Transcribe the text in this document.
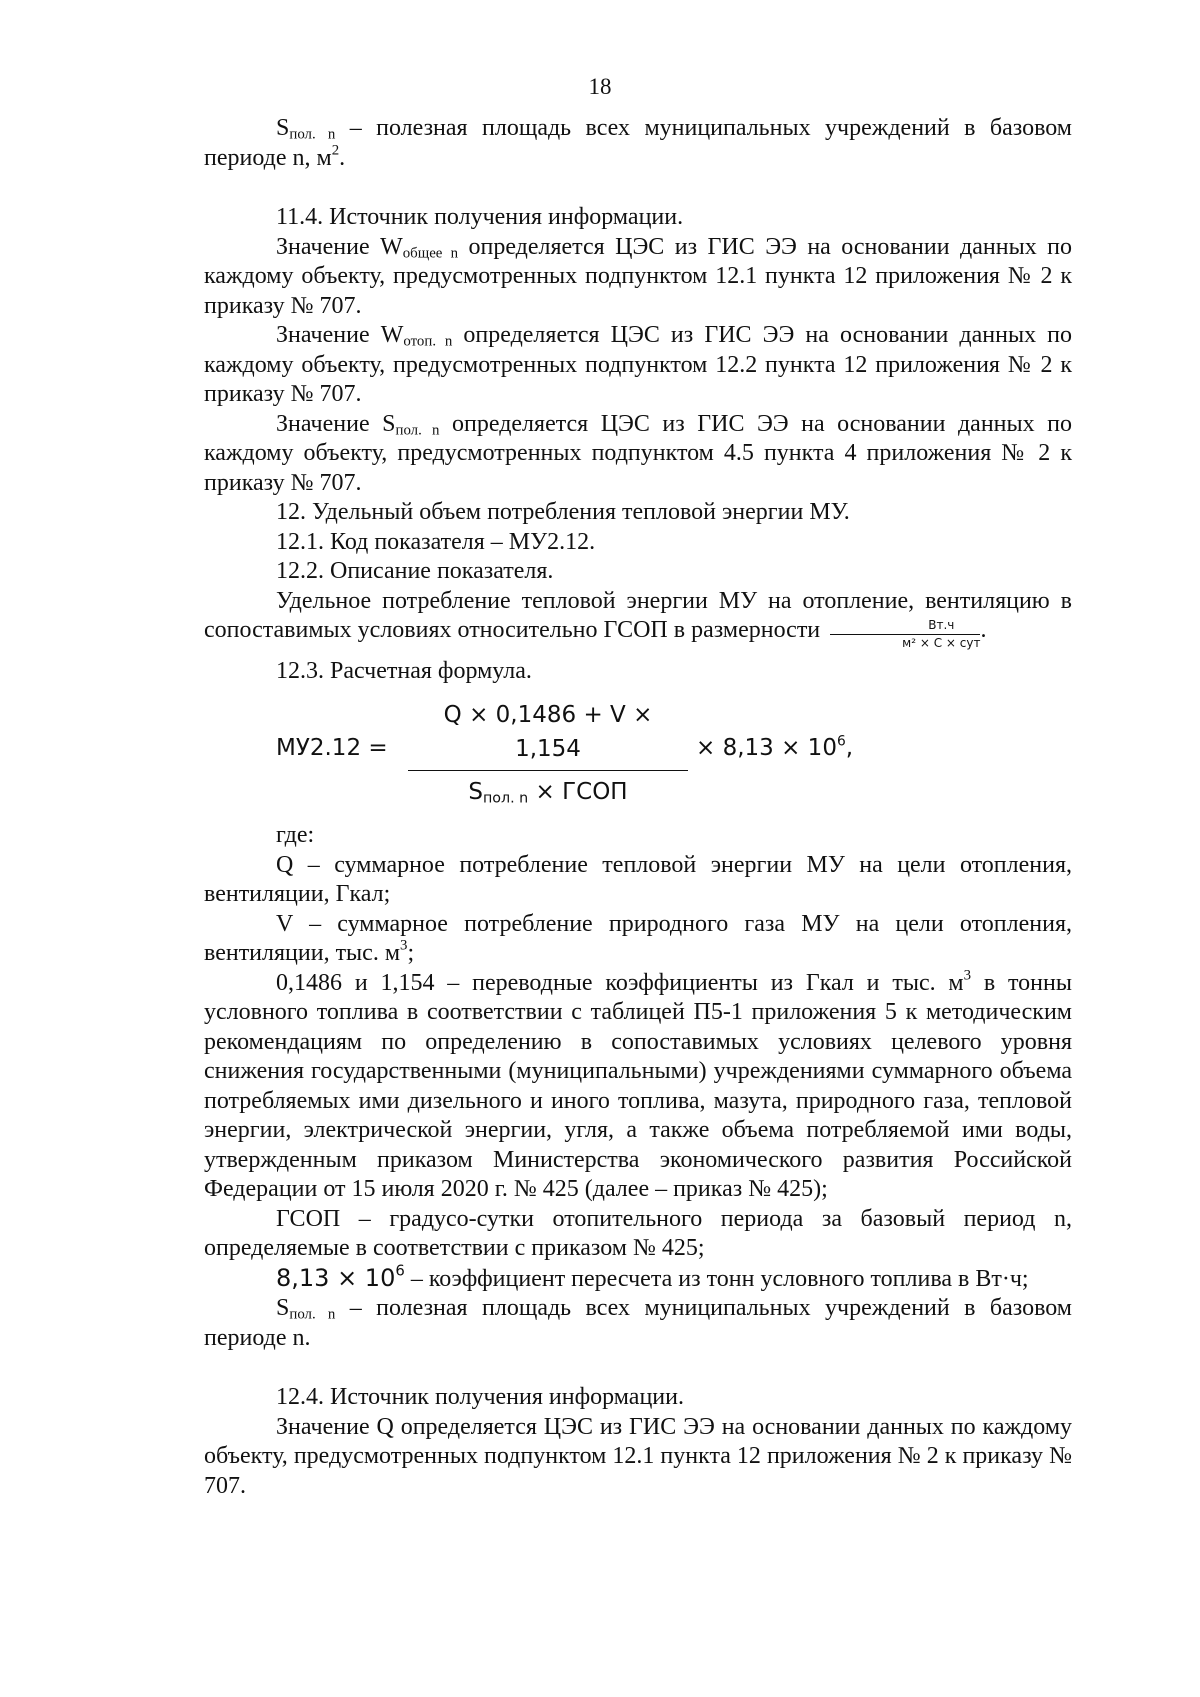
18

$S_{пол. n}$ – полезная площадь всех муниципальных учреждений в базовом периоде n, $м^2$.

11.4. Источник получения информации.

Значение $W_{общее n}$ определяется ЦЭС из ГИС ЭЭ на основании данных по каждому объекту, предусмотренных подпунктом 12.1 пункта 12 приложения № 2 к приказу № 707.

Значение $W_{отоп. n}$ определяется ЦЭС из ГИС ЭЭ на основании данных по каждому объекту, предусмотренных подпунктом 12.2 пункта 12 приложения № 2 к приказу № 707.

Значение $S_{пол. n}$ определяется ЦЭС из ГИС ЭЭ на основании данных по каждому объекту, предусмотренных подпунктом 4.5 пункта 4 приложения № 2 к приказу № 707.

12. Удельный объем потребления тепловой энергии МУ.

12.1. Код показателя – МУ2.12.

12.2. Описание показателя.

Удельное потребление тепловой энергии МУ на отопление, вентиляцию в сопоставимых условиях относительно ГСОП в размерности $\frac{Вт.ч}{\text{м² × С × сут}}$ .

12.3. Расчетная формула.

МУ2.12 =
Q × 0,1486 + V × 1,154
$S_{пол. n}$ × ГСОП
× $8,13 \times 10^6$,

где:

Q – суммарное потребление тепловой энергии МУ на цели отопления, вентиляции, Гкал;

V – суммарное потребление природного газа МУ на цели отопления, вентиляции, тыс. $м^3$;

0,1486 и 1,154 – переводные коэффициенты из Гкал и тыс. $м^3$ в тонны условного топлива в соответствии с таблицей П5-1 приложения 5 к методическим рекомендациям по определению в сопоставимых условиях целевого уровня снижения государственными (муниципальными) учреждениями суммарного объема потребляемых ими дизельного и иного топлива, мазута, природного газа, тепловой энергии, электрической энергии, угля, а также объема потребляемой ими воды, утвержденным приказом Министерства экономического развития Российской Федерации от 15 июля 2020 г. № 425 (далее – приказ № 425);

ГСОП – градусо-сутки отопительного периода за базовый период n, определяемые в соответствии с приказом № 425;

$8,13 \times 10^6$ – коэффициент пересчета из тонн условного топлива в Вт·ч;

$S_{пол. n}$ – полезная площадь всех муниципальных учреждений в базовом периоде n.

12.4. Источник получения информации.

Значение Q определяется ЦЭС из ГИС ЭЭ на основании данных по каждому объекту, предусмотренных подпунктом 12.1 пункта 12 приложения № 2 к приказу № 707.
